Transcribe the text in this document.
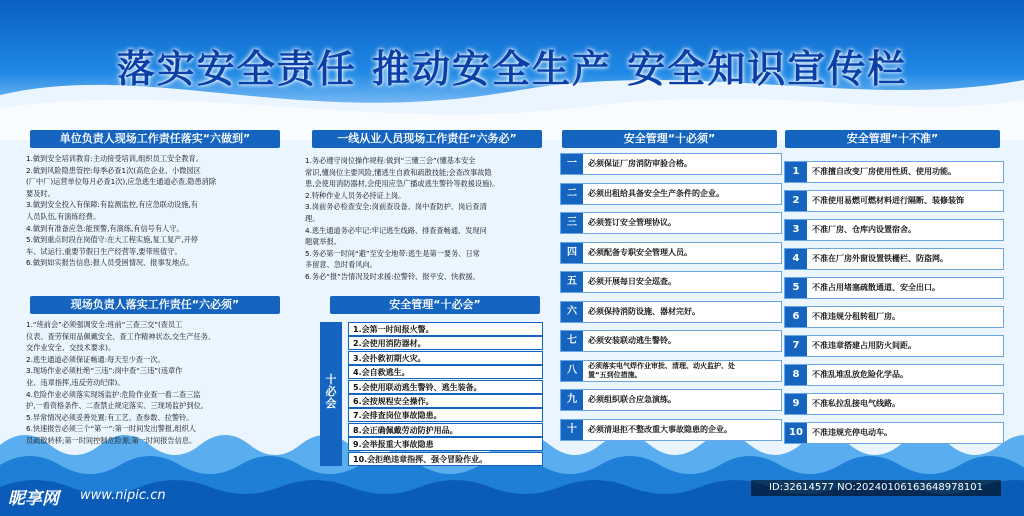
落实安全责任 推动安全生产 安全知识宣传栏
单位负责人现场工作责任落实“六做到”
1.做到安全培训教育:主动接受培训,组织员工安全教育。
2.做到风险隐患管控:每季必查1次(高危企业、小微园区
(厂中厂)运营单位每月必查1次),应急逃生通道必查,隐患消除
要及时。
3.做到安全投入有保障:有监测监控,有应急联动设施,有
人员队伍,有演练经费。
4.做到有准备应急:能预警,有演练,有信号有人守。
5.做到重点时段在岗值守:在大工程实施,复工复产,开停
车、试运行,重要节假日生产经营等,要带班值守。
6.做到如实报告信息:报人员受困情况、报事发地点。
一线从业人员现场工作责任“六务必”
1.务必遵守岗位操作规程:做到“三懂三会”(懂基本安全
常识,懂岗位主要风险,懂逃生自救和疏散技能;会查改事故隐
患,会使用消防器材,会使用应急广播或逃生警铃等救援设施)。
2.特种作业人员务必持证上岗。
3.岗前务必检查安全:岗前查设备、岗中查防护、岗后查清
理。
4.逃生通道务必牢记:牢记逃生线路、排查查畅通、发现问
题就举报。
5.务必第一时间“避”至安全地带:逃生是第一要务、日常
多留意、急时看风向。
6.务必“报”告情况及时求援:拉警铃、报平安、快救援。
现场负责人落实工作责任“六必须”
1.“班前会”必须强调安全:班前“三查三交”(查员工
仪表、查劳保用品佩戴安全、查工作精神状态,交生产任务、
交作业安全、交技术要求)。
2.逃生通道必须保证畅通:每天至少查一次。
3.现场作业必须杜绝“三违”:岗中查“三违”(违章作
业、违章指挥,违反劳动纪律)。
4.危险作业必须落实现场监护:危险作业查一看二查三监
护,一看资格条件、二查禁止规定落实、三现场监护到位。
5.异常情况必须妥善处置:有工艺、查参数、拉警铃。
6.快速报告必须三个“第一”:第一时间发出警报,组织人
员疏散转移;第一时间控制危险源;第一时间报告信息。
安全管理“十必会”
十
必
会
1.会第一时间报火警。
2.会使用消防器材。
3.会扑救初期火灾。
4.会自救逃生。
5.会使用联动逃生警铃、逃生装备。
6.会按规程安全操作。
7.会排查岗位事故隐患。
8.会正确佩戴劳动防护用品。
9.会举报重大事故隐患
10.会拒绝违章指挥、强令冒险作业。
安全管理“十必须”
一	必须保证厂房消防审验合格。
二	必须出租给具备安全生产条件的企业。
三	必须签订安全管理协议。
四	必须配备专职安全管理人员。
五	必须开展每日安全巡查。
六	必须保持消防设施、器材完好。
七	必须安装联动逃生警铃。
八	必须落实电气焊作业审批、清理、动火监护、处置“五到位措施。
九	必须组织联合应急演练。
十	必须清退拒不整改重大事故隐患的企业。
安全管理“十不准”
1	不准擅自改变厂房使用性质、使用功能。
2	不准使用易燃可燃材料进行隔断、装修装饰
3	不准厂房、仓库内设置宿舍。
4	不准在厂房外窗设置铁栅栏、防盗网。
5	不准占用堵塞疏散通道、安全出口。
6	不准违规分租转租厂房。
7	不准违章搭建占用防火间距。
8	不准乱堆乱放危险化学品。
9	不准私拉乱接电气线路。
10	不准违规充停电动车。
昵享网 www.nipic.cn
ID:32614577 NO:20240106163648978101
